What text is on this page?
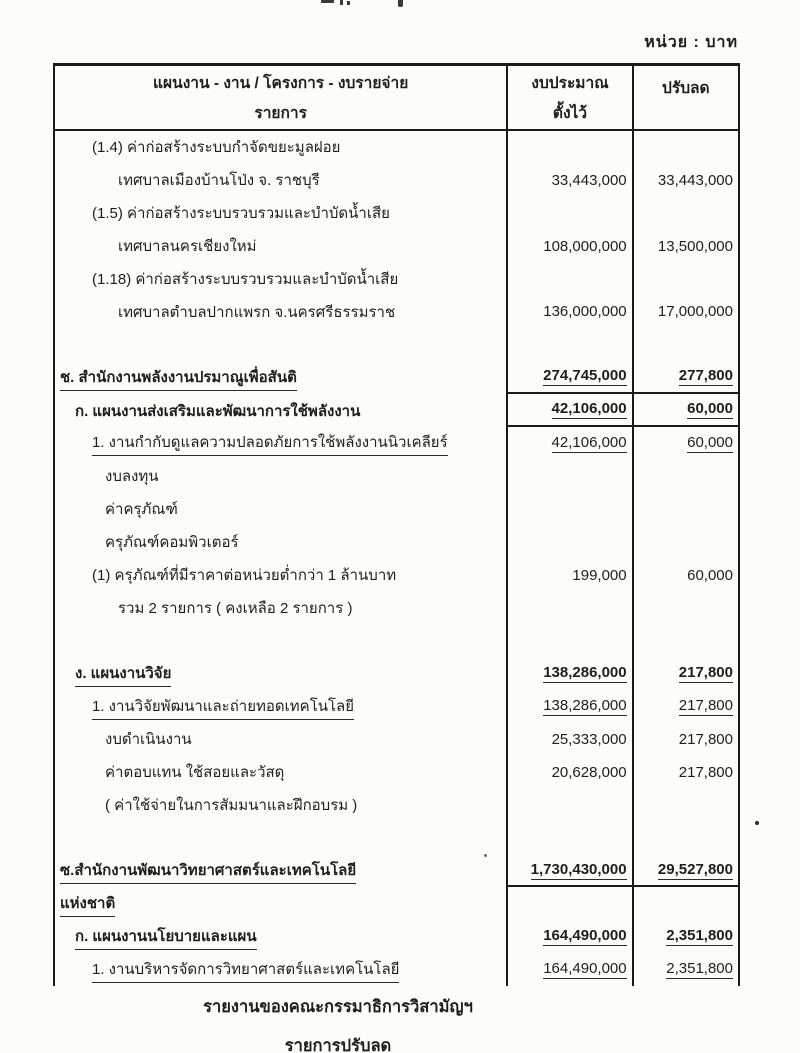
หน่วย : บาท
แผนงาน - งาน / โครงการ - งบรายจ่าย
รายการ
งบประมาณ
ตั้งไว้
ปรับลด
(1.4) ค่าก่อสร้างระบบกำจัดขยะมูลฝอย
เทศบาลเมืองบ้านโป่ง จ. ราชบุรี	33,443,000 33,443,000
(1.5) ค่าก่อสร้างระบบรวบรวมและบำบัดน้ำเสีย
เทศบาลนครเชียงใหม่	108,000,000 13,500,000
(1.18) ค่าก่อสร้างระบบรวบรวมและบำบัดน้ำเสีย
เทศบาลตำบลปากแพรก จ.นครศรีธรรมราช	136,000,000 17,000,000
ช. สำนักงานพลังงานปรมาณูเพื่อสันติ	274,745,000	277,800
ก. แผนงานส่งเสริมและพัฒนาการใช้พลังงาน	42,106,000	60,000
1. งานกำกับดูแลความปลอดภัยการใช้พลังงานนิวเคลียร์	42,106,000	60,000
งบลงทุน
ค่าครุภัณฑ์
ครุภัณฑ์คอมพิวเตอร์
(1) ครุภัณฑ์ที่มีราคาต่อหน่วยต่ำกว่า 1 ล้านบาท	199,000	60,000
รวม 2 รายการ ( คงเหลือ 2 รายการ )
ง. แผนงานวิจัย	138,286,000	217,800
1. งานวิจัยพัฒนาและถ่ายทอดเทคโนโลยี	138,286,000	217,800
งบดำเนินงาน	25,333,000	217,800
ค่าตอบแทน ใช้สอยและวัสดุ	20,628,000	217,800
( ค่าใช้จ่ายในการสัมมนาและฝึกอบรม )
ซ.สำนักงานพัฒนาวิทยาศาสตร์และเทคโนโลยี	1,730,430,000 29,527,800
แห่งชาติ
ก. แผนงานนโยบายและแผน	164,490,000	2,351,800
1. งานบริหารจัดการวิทยาศาสตร์และเทคโนโลยี	164,490,000	2,351,800
รายงานของคณะกรรมาธิการวิสามัญฯ
รายการปรับลด
